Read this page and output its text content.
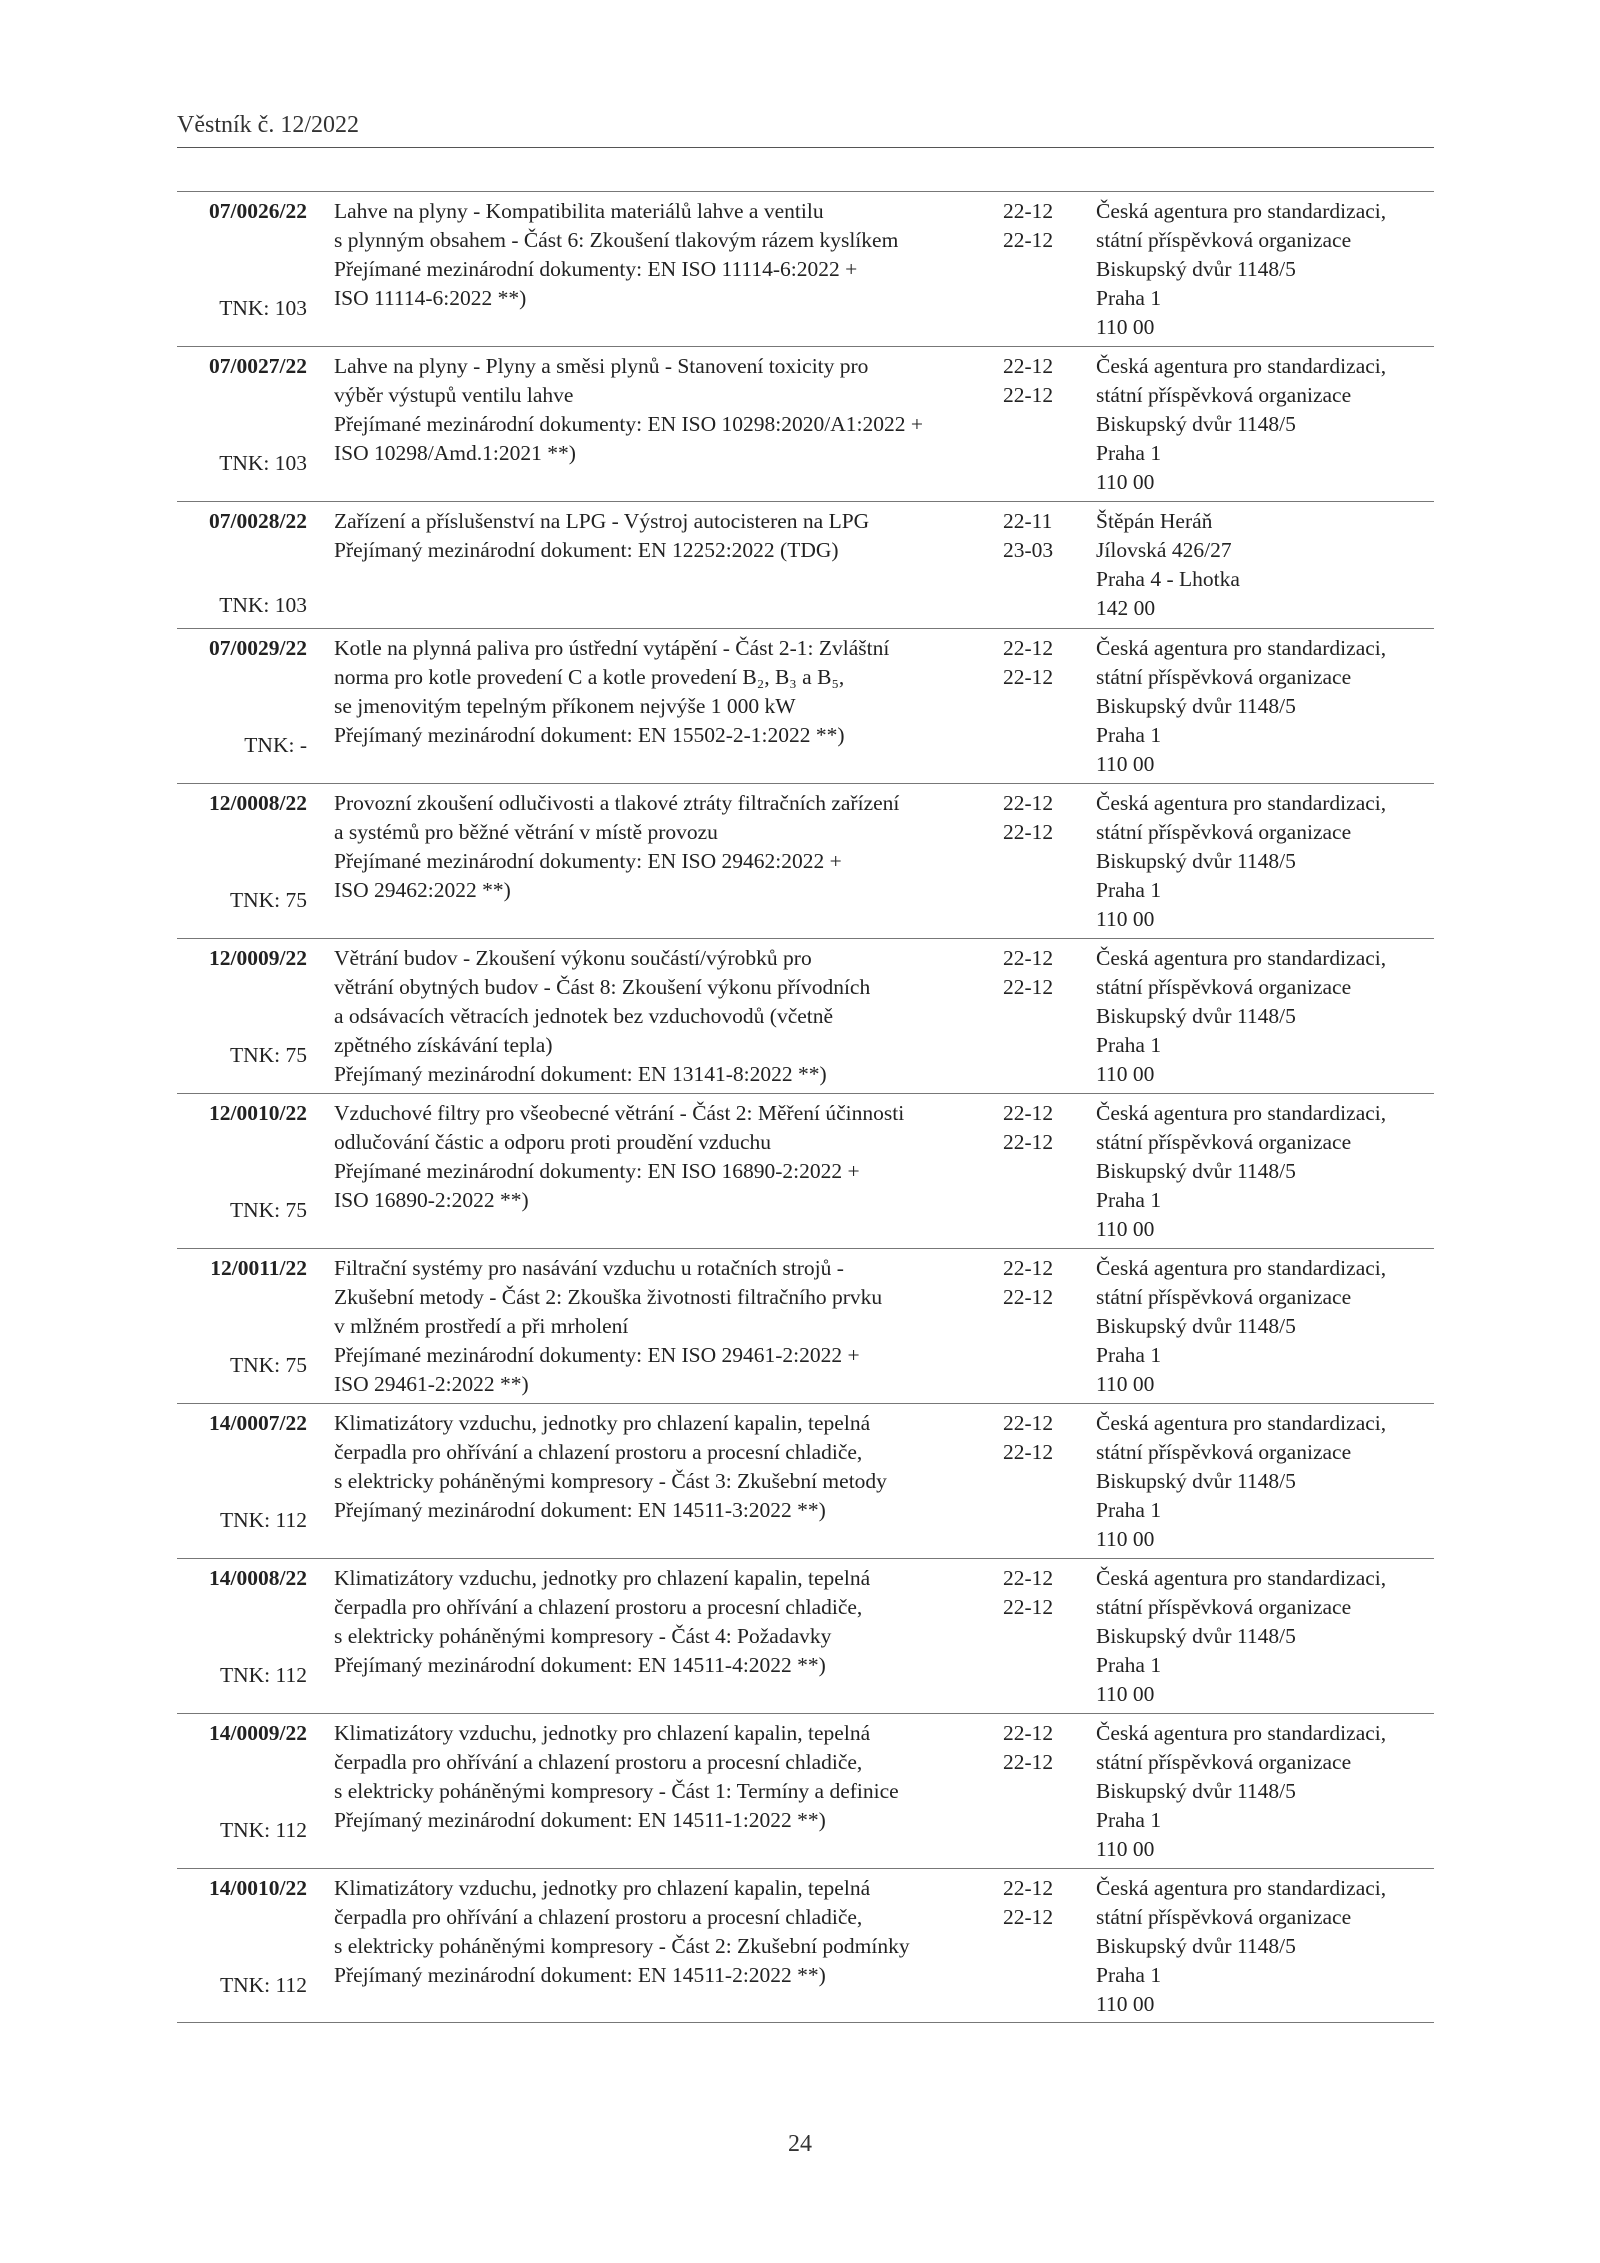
Věstník č. 12/2022
07/0026/22
TNK: 103
Lahve na plyny - Kompatibilita materiálů lahve a ventilu
s plynným obsahem - Část 6: Zkoušení tlakovým rázem kyslíkem
Přejímané mezinárodní dokumenty: EN ISO 11114-6:2022 +
ISO 11114-6:2022 **)
22-12
22-12
Česká agentura pro standardizaci,
státní příspěvková organizace
Biskupský dvůr 1148/5
Praha 1
110 00
07/0027/22
TNK: 103
Lahve na plyny - Plyny a směsi plynů - Stanovení toxicity pro
výběr výstupů ventilu lahve
Přejímané mezinárodní dokumenty: EN ISO 10298:2020/A1:2022 +
ISO 10298/Amd.1:2021 **)
22-12
22-12
Česká agentura pro standardizaci,
státní příspěvková organizace
Biskupský dvůr 1148/5
Praha 1
110 00
07/0028/22
TNK: 103
Zařízení a příslušenství na LPG - Výstroj autocisteren na LPG
Přejímaný mezinárodní dokument: EN 12252:2022 (TDG)
22-11
23-03
Štěpán Heráň
Jílovská 426/27
Praha 4 - Lhotka
142 00
07/0029/22
TNK: -
Kotle na plynná paliva pro ústřední vytápění - Část 2-1: Zvláštní
norma pro kotle provedení C a kotle provedení B₂, B₃ a B₅,
se jmenovitým tepelným příkonem nejvýše 1 000 kW
Přejímaný mezinárodní dokument: EN 15502-2-1:2022 **)
22-12
22-12
Česká agentura pro standardizaci,
státní příspěvková organizace
Biskupský dvůr 1148/5
Praha 1
110 00
12/0008/22
TNK: 75
Provozní zkoušení odlučivosti a tlakové ztráty filtračních zařízení
a systémů pro běžné větrání v místě provozu
Přejímané mezinárodní dokumenty: EN ISO 29462:2022 +
ISO 29462:2022 **)
22-12
22-12
Česká agentura pro standardizaci,
státní příspěvková organizace
Biskupský dvůr 1148/5
Praha 1
110 00
12/0009/22
TNK: 75
Větrání budov - Zkoušení výkonu součástí/výrobků pro
větrání obytných budov - Část 8: Zkoušení výkonu přívodních
a odsávacích větracích jednotek bez vzduchovodů (včetně
zpětného získávání tepla)
Přejímaný mezinárodní dokument: EN 13141-8:2022 **)
22-12
22-12
Česká agentura pro standardizaci,
státní příspěvková organizace
Biskupský dvůr 1148/5
Praha 1
110 00
12/0010/22
TNK: 75
Vzduchové filtry pro všeobecné větrání - Část 2: Měření účinnosti
odlučování částic a odporu proti proudění vzduchu
Přejímané mezinárodní dokumenty: EN ISO 16890-2:2022 +
ISO 16890-2:2022 **)
22-12
22-12
Česká agentura pro standardizaci,
státní příspěvková organizace
Biskupský dvůr 1148/5
Praha 1
110 00
12/0011/22
TNK: 75
Filtrační systémy pro nasávání vzduchu u rotačních strojů -
Zkušební metody - Část 2: Zkouška životnosti filtračního prvku
v mlžném prostředí a při mrholení
Přejímané mezinárodní dokumenty: EN ISO 29461-2:2022 +
ISO 29461-2:2022 **)
22-12
22-12
Česká agentura pro standardizaci,
státní příspěvková organizace
Biskupský dvůr 1148/5
Praha 1
110 00
14/0007/22
TNK: 112
Klimatizátory vzduchu, jednotky pro chlazení kapalin, tepelná
čerpadla pro ohřívání a chlazení prostoru a procesní chladiče,
s elektricky poháněnými kompresory - Část 3: Zkušební metody
Přejímaný mezinárodní dokument: EN 14511-3:2022 **)
22-12
22-12
Česká agentura pro standardizaci,
státní příspěvková organizace
Biskupský dvůr 1148/5
Praha 1
110 00
14/0008/22
TNK: 112
Klimatizátory vzduchu, jednotky pro chlazení kapalin, tepelná
čerpadla pro ohřívání a chlazení prostoru a procesní chladiče,
s elektricky poháněnými kompresory - Část 4: Požadavky
Přejímaný mezinárodní dokument: EN 14511-4:2022 **)
22-12
22-12
Česká agentura pro standardizaci,
státní příspěvková organizace
Biskupský dvůr 1148/5
Praha 1
110 00
14/0009/22
TNK: 112
Klimatizátory vzduchu, jednotky pro chlazení kapalin, tepelná
čerpadla pro ohřívání a chlazení prostoru a procesní chladiče,
s elektricky poháněnými kompresory - Část 1: Termíny a definice
Přejímaný mezinárodní dokument: EN 14511-1:2022 **)
22-12
22-12
Česká agentura pro standardizaci,
státní příspěvková organizace
Biskupský dvůr 1148/5
Praha 1
110 00
14/0010/22
TNK: 112
Klimatizátory vzduchu, jednotky pro chlazení kapalin, tepelná
čerpadla pro ohřívání a chlazení prostoru a procesní chladiče,
s elektricky poháněnými kompresory - Část 2: Zkušební podmínky
Přejímaný mezinárodní dokument: EN 14511-2:2022 **)
22-12
22-12
Česká agentura pro standardizaci,
státní příspěvková organizace
Biskupský dvůr 1148/5
Praha 1
110 00
24
